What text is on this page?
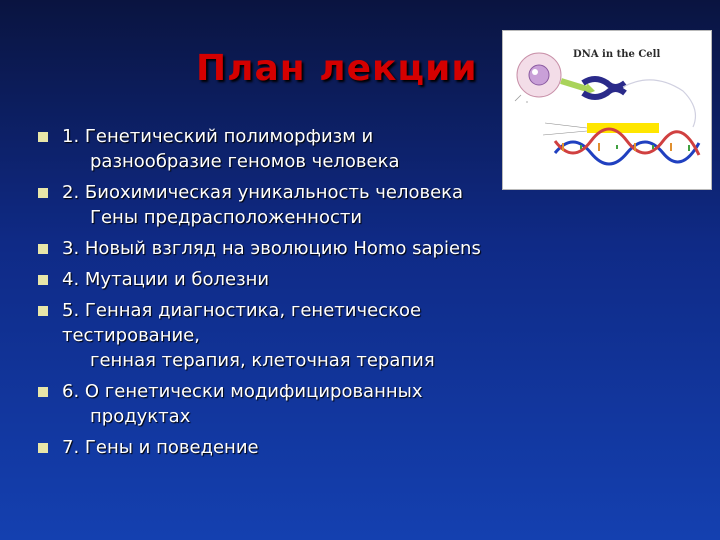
План лекции
1. Генетический полиморфизм и
разнообразие геномов человека
2. Биохимическая уникальность человека
Гены предрасположенности
3. Новый взгляд на эволюцию Homo sapiens
4. Мутации и болезни
5. Генная диагностика, генетическое
тестирование,
генная терапия, клеточная терапия
6. О генетически модифицированных
продуктах
7. Гены и поведение
DNA in the Cell
